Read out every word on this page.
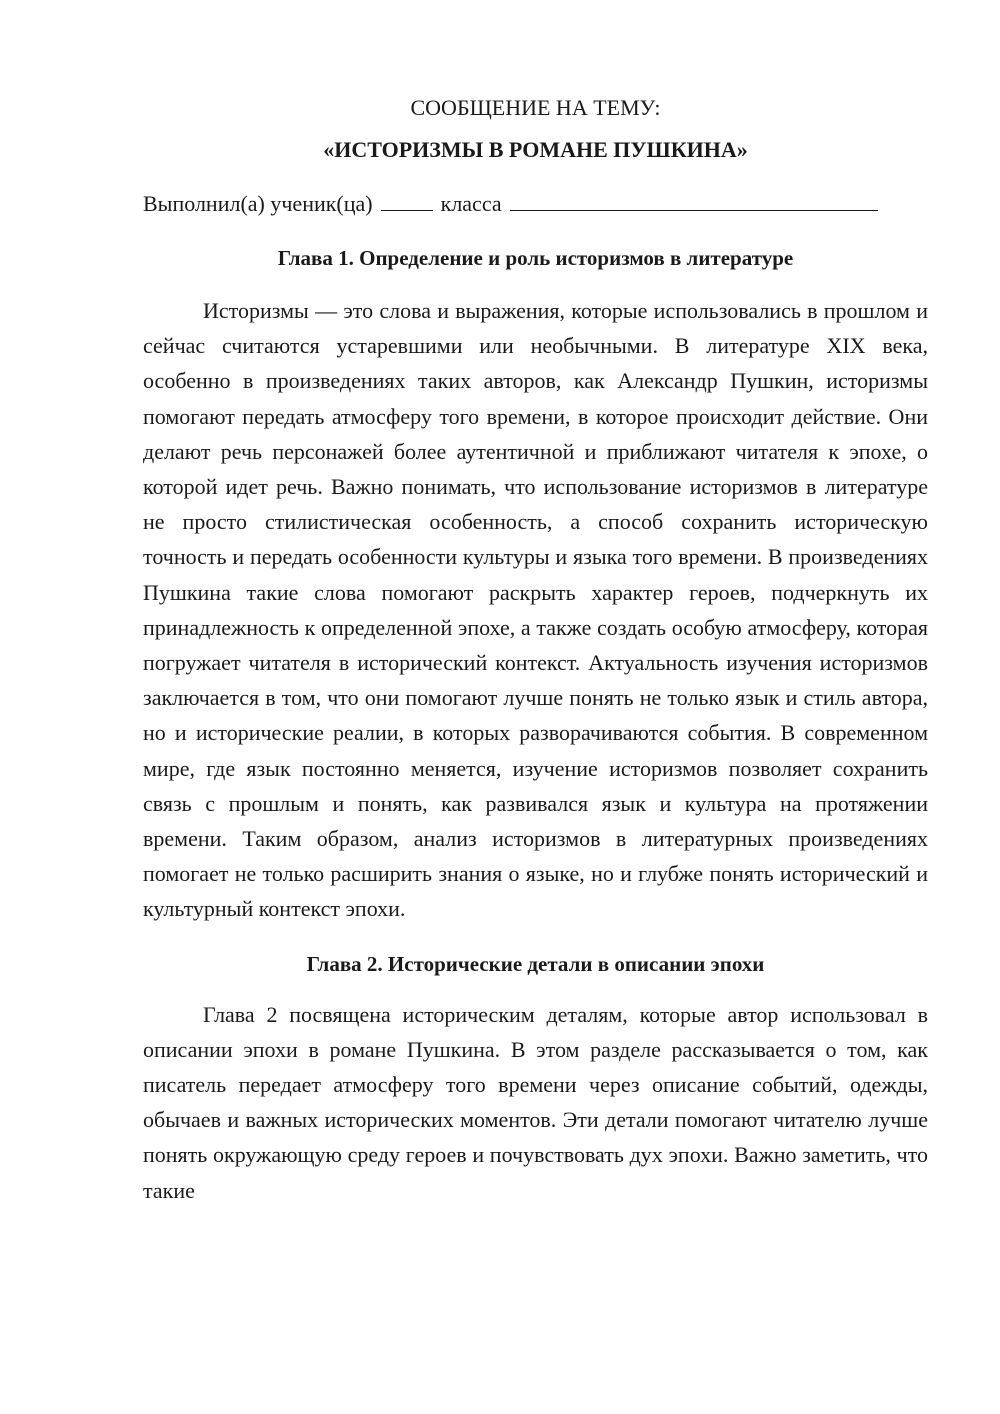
СООБЩЕНИЕ НА ТЕМУ:

«ИСТОРИЗМЫ В РОМАНЕ ПУШКИНА»

Выполнил(а) ученик(ца)	класса
Глава 1. Определение и роль историзмов в литературе

Историзмы — это слова и выражения, которые использовались в прошлом и сейчас считаются устаревшими или необычными. В литературе XIX века, особенно в произведениях таких авторов, как Александр Пушкин, историзмы помогают передать атмосферу того времени, в которое происходит действие. Они делают речь персонажей более аутентичной и приближают читателя к эпохе, о которой идет речь. Важно понимать, что использование историзмов в литературе не просто стилистическая особенность, а способ сохранить историческую точность и передать особенности культуры и языка того времени. В произведениях Пушкина такие слова помогают раскрыть характер героев, подчеркнуть их принадлежность к определенной эпохе, а также создать особую атмосферу, которая погружает читателя в исторический контекст. Актуальность изучения историзмов заключается в том, что они помогают лучше понять не только язык и стиль автора, но и исторические реалии, в которых разворачиваются события. В современном мире, где язык постоянно меняется, изучение историзмов позволяет сохранить связь с прошлым и понять, как развивался язык и культура на протяжении времени. Таким образом, анализ историзмов в литературных произведениях помогает не только расширить знания о языке, но и глубже понять исторический и культурный контекст эпохи.

Глава 2. Исторические детали в описании эпохи

Глава 2 посвящена историческим деталям, которые автор использовал в описании эпохи в романе Пушкина. В этом разделе рассказывается о том, как писатель передает атмосферу того времени через описание событий, одежды, обычаев и важных исторических моментов. Эти детали помогают читателю лучше понять окружающую среду героев и почувствовать дух эпохи. Важно заметить, что такие
